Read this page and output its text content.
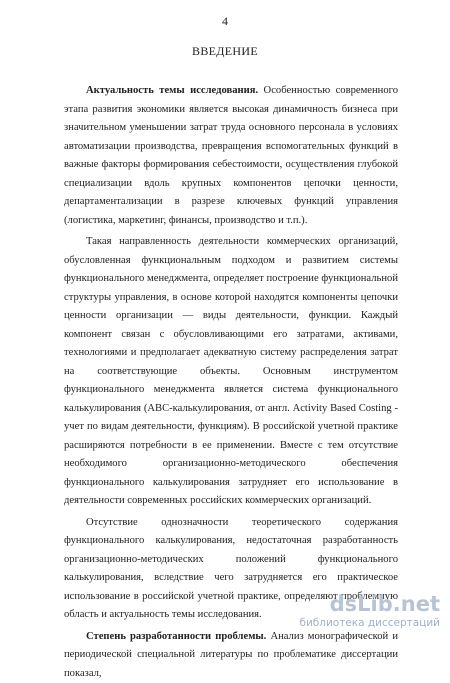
4
ВВЕДЕНИЕ

Актуальность темы исследования. Особенностью современного этапа развития экономики является высокая динамичность бизнеса при значительном уменьшении затрат труда основного персонала в условиях автоматизации производства, превращения вспомогательных функций в важные факторы формирования себестоимости, осуществления глубокой специализации вдоль крупных компонентов цепочки ценности, департаментализации в разрезе ключевых функций управления (логистика, маркетинг, финансы, производство и т.п.).

Такая направленность деятельности коммерческих организаций, обусловленная функциональным подходом и развитием системы функционального менеджмента, определяет построение функциональной структуры управления, в основе которой находятся компоненты цепочки ценности организации — виды деятельности, функции. Каждый компонент связан с обусловливающими его затратами, активами, технологиями и предполагает адекватную систему распределения затрат на соответствующие объекты. Основным инструментом функционального менеджмента является система функционального калькулирования (ABC-калькулирования, от англ. Activity Based Costing - учет по видам деятельности, функциям). В российской учетной практике расширяются потребности в ее применении. Вместе с тем отсутствие необходимого организационно-методического обеспечения функционального калькулирования затрудняет его использование в деятельности современных российских коммерческих организаций.

Отсутствие однозначности теоретического содержания функционального калькулирования, недостаточная разработанность организационно-методических положений функционального калькулирования, вследствие чего затрудняется его практическое использование в российской учетной практике, определяют проблемную область и актуальность темы исследования.

Степень разработанности проблемы. Анализ монографической и периодической специальной литературы по проблематике диссертации показал,

dsLib.net
библиотека диссертаций
